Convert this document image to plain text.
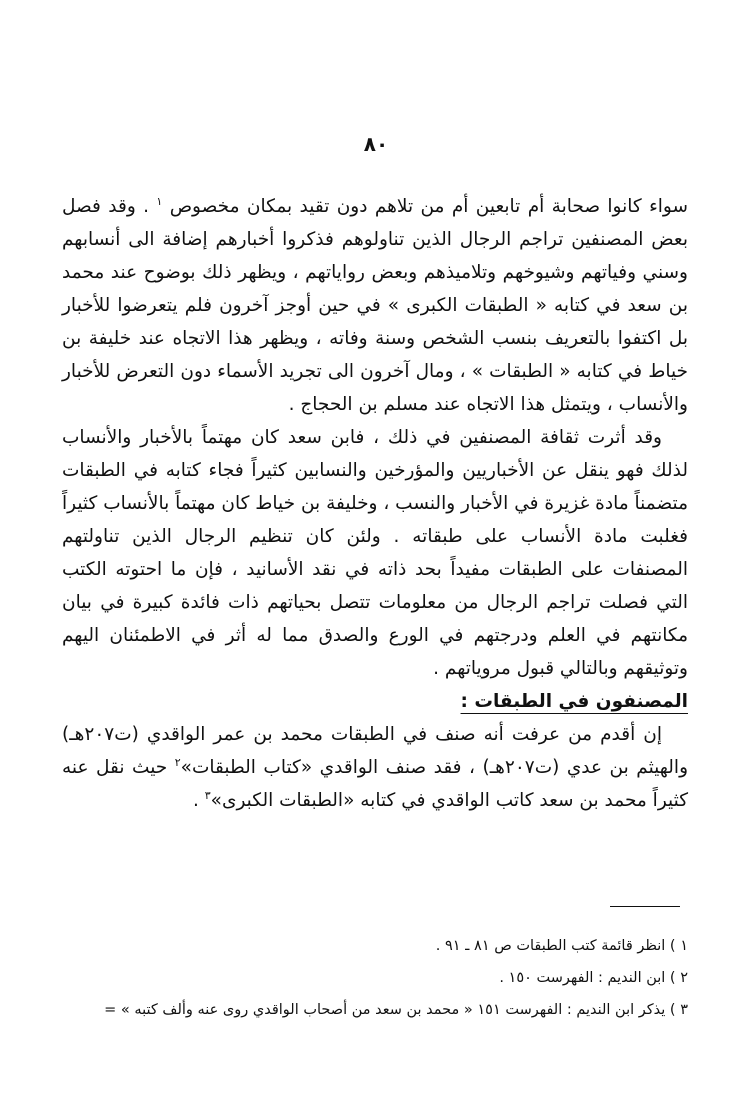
٨٠

سواء كانوا صحابة أم تابعين أم من تلاهم دون تقيد بمكان مخصوص $^١$ . وقد فصل بعض المصنفين تراجم الرجال الذين تناولوهم فذكروا أخبارهم إضافة الى أنسابهم وسني وفياتهم وشيوخهم وتلاميذهم وبعض رواياتهم ، ويظهر ذلك بوضوح عند محمد بن سعد في كتابه « الطبقات الكبرى » في حين أوجز آخرون فلم يتعرضوا للأخبار بل اكتفوا بالتعريف بنسب الشخص وسنة وفاته ، ويظهر هذا الاتجاه عند خليفة بن خياط في كتابه « الطبقات » ، ومال آخرون الى تجريد الأسماء دون التعرض للأخبار والأنساب ، ويتمثل هذا الاتجاه عند مسلم بن الحجاج .

وقد أثرت ثقافة المصنفين في ذلك ، فابن سعد كان مهتماً بالأخبار والأنساب لذلك فهو ينقل عن الأخباريين والمؤرخين والنسابين كثيراً فجاء كتابه في الطبقات متضمناً مادة غزيرة في الأخبار والنسب ، وخليفة بن خياط كان مهتماً بالأنساب كثيراً فغلبت مادة الأنساب على طبقاته . ولئن كان تنظيم الرجال الذين تناولتهم المصنفات على الطبقات مفيداً بحد ذاته في نقد الأسانيد ، فإن ما احتوته الكتب التي فصلت تراجم الرجال من معلومات تتصل بحياتهم ذات فائدة كبيرة في بيان مكانتهم في العلم ودرجتهم في الورع والصدق مما له أثر في الاطمئنان اليهم وتوثيقهم وبالتالي قبول مروياتهم .

المصنفون في الطبقات :

إن أقدم من عرفت أنه صنف في الطبقات محمد بن عمر الواقدي (ت٢٠٧هـ) والهيثم بن عدي (ت٢٠٧هـ) ، فقد صنف الواقدي «كتاب الطبقات»$^٢$ حيث نقل عنه كثيراً محمد بن سعد كاتب الواقدي في كتابه «الطبقات الكبرى»$^٣$ .

١ ) انظر قائمة كتب الطبقات ص ٨١ ـ ٩١ .

٢ ) ابن النديم : الفهرست ١٥٠ .

٣ ) يذكر ابن النديم : الفهرست ١٥١ « محمد بن سعد من أصحاب الواقدي روى عنه وألف كتبه » =
